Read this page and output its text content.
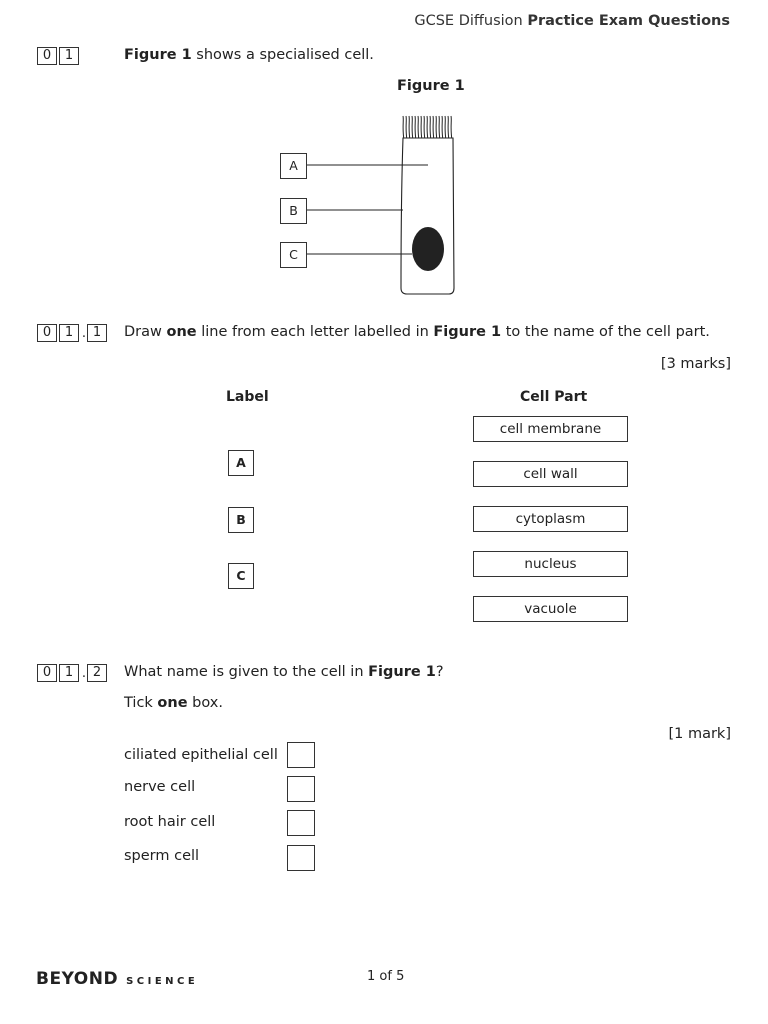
GCSE Diffusion Practice Exam Questions
0	1	Figure 1 shows a specialised cell.
Figure 1
A
B
C
0	1 . 1	Draw one line from each letter labelled in Figure 1 to the name of the cell part.
[3 marks]
Label	Cell Part
A
B
C
cell membrane
cell wall
cytoplasm
nucleus
vacuole
0	1 . 2	What name is given to the cell in Figure 1?
Tick one box.
[1 mark]
ciliated epithelial cell
nerve cell
root hair cell
sperm cell
BEYOND SCIENCE	1 of 5
